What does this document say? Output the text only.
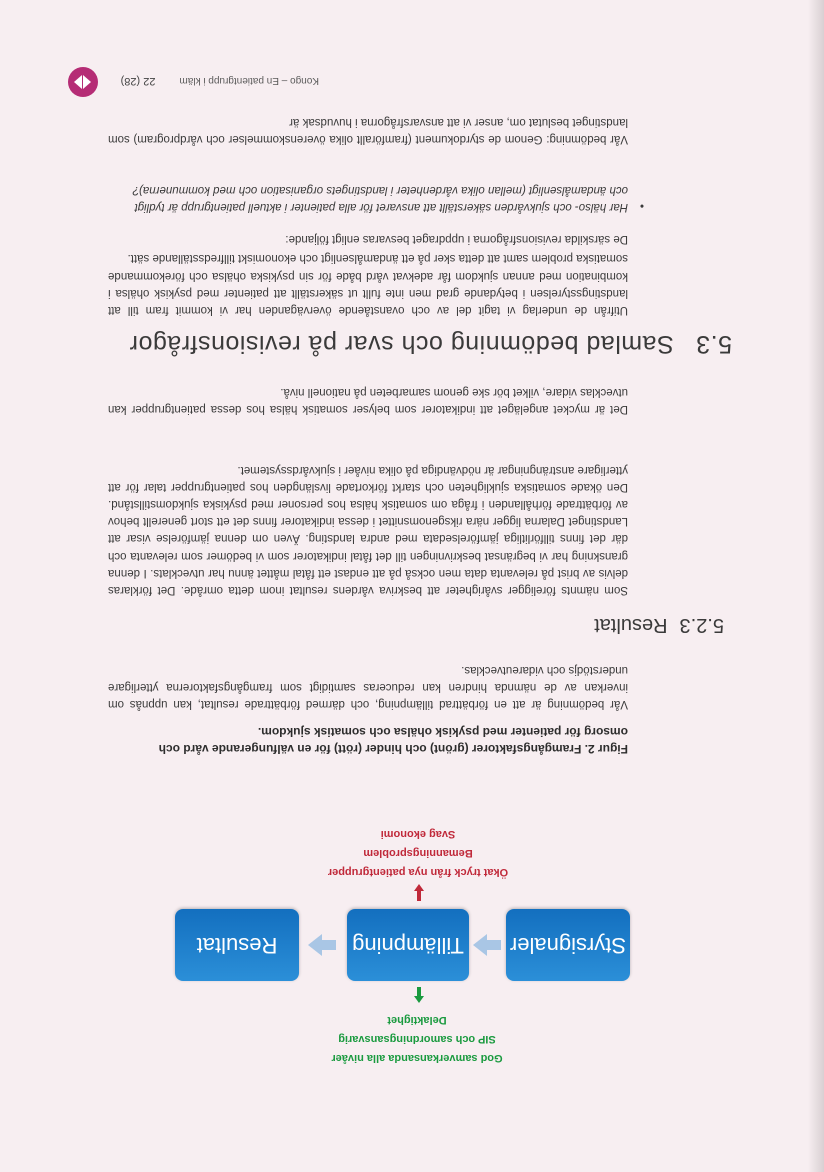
God samverkansanda alla nivåer
SIP och samordningsansvarig
Delaktighet
Styrsignaler
Tillämpning
Resultat
Ökat tryck från nya patientgrupper
Bemanningsproblem
Svag ekonomi
Figur 2. Framgångsfaktorer (grönt) och hinder (rött) för en välfungerande vård och omsorg för patienter med psykisk ohälsa och somatisk sjukdom.
Vår bedömning är att en förbättrad tillämpning, och därmed förbättrade resultat, kan uppnås om inverkan av de nämnda hindren kan reduceras samtidigt som framgångsfaktorerna ytterligare understödjs och vidareutvecklas.
5.2.3
Resultat
Som nämnts föreligger svårigheter att beskriva vårdens resultat inom detta område. Det förklaras delvis av brist på relevanta data men också på att endast ett fåtal måttet ännu har utvecklats. I denna granskning har vi begränsat beskrivningen till det fåtal indikatorer som vi bedömer som relevanta och där det finns tillförlitliga jämförelsedata med andra landsting. Även om denna jämförelse visar att Landstinget Dalarna ligger nära riksgenomsnittet i dessa indikatorer finns det ett stort generellt behov av förbättrade förhållanden i fråga om somatisk hälsa hos personer med psykiska sjukdomstillstånd. Den ökade somatiska sjukligheten och starkt förkortade livslängden hos patientgrupper talar för att ytterligare ansträngningar är nödvändiga på olika nivåer i sjukvårdssystemet.
Det är mycket angeläget att indikatorer som belyser somatisk hälsa hos dessa patientgrupper kan utvecklas vidare, vilket bör ske genom samarbeten på nationell nivå.
5.3
Samlad bedömning och svar på revisionsfrågor
Utifrån de underlag vi tagit del av och ovanstående överväganden har vi kommit fram till att landstingsstyrelsen i betydande grad men inte fullt ut säkerställt att patienter med psykisk ohälsa i kombination med annan sjukdom får adekvat vård både för sin psykiska ohälsa och förekommande somatiska problem samt att detta sker på ett ändamålsenligt och ekonomiskt tillfredsställande sätt.
De särskilda revisionsfrågorna i uppdraget besvaras enligt följande:
•
Har hälso- och sjukvården säkerställt att ansvaret för alla patienter i aktuell patientgrupp är tydligt och ändamålsenligt (mellan olika vårdenheter i landstingets organisation och med kommunerna)?
Vår bedömning: Genom de styrdokument (framförallt olika överenskommelser och vårdprogram) som landstinget beslutat om, anser vi att ansvarsfrågorna i huvudsak är
Kongo – En patientgrupp i kläm
22 (28)
